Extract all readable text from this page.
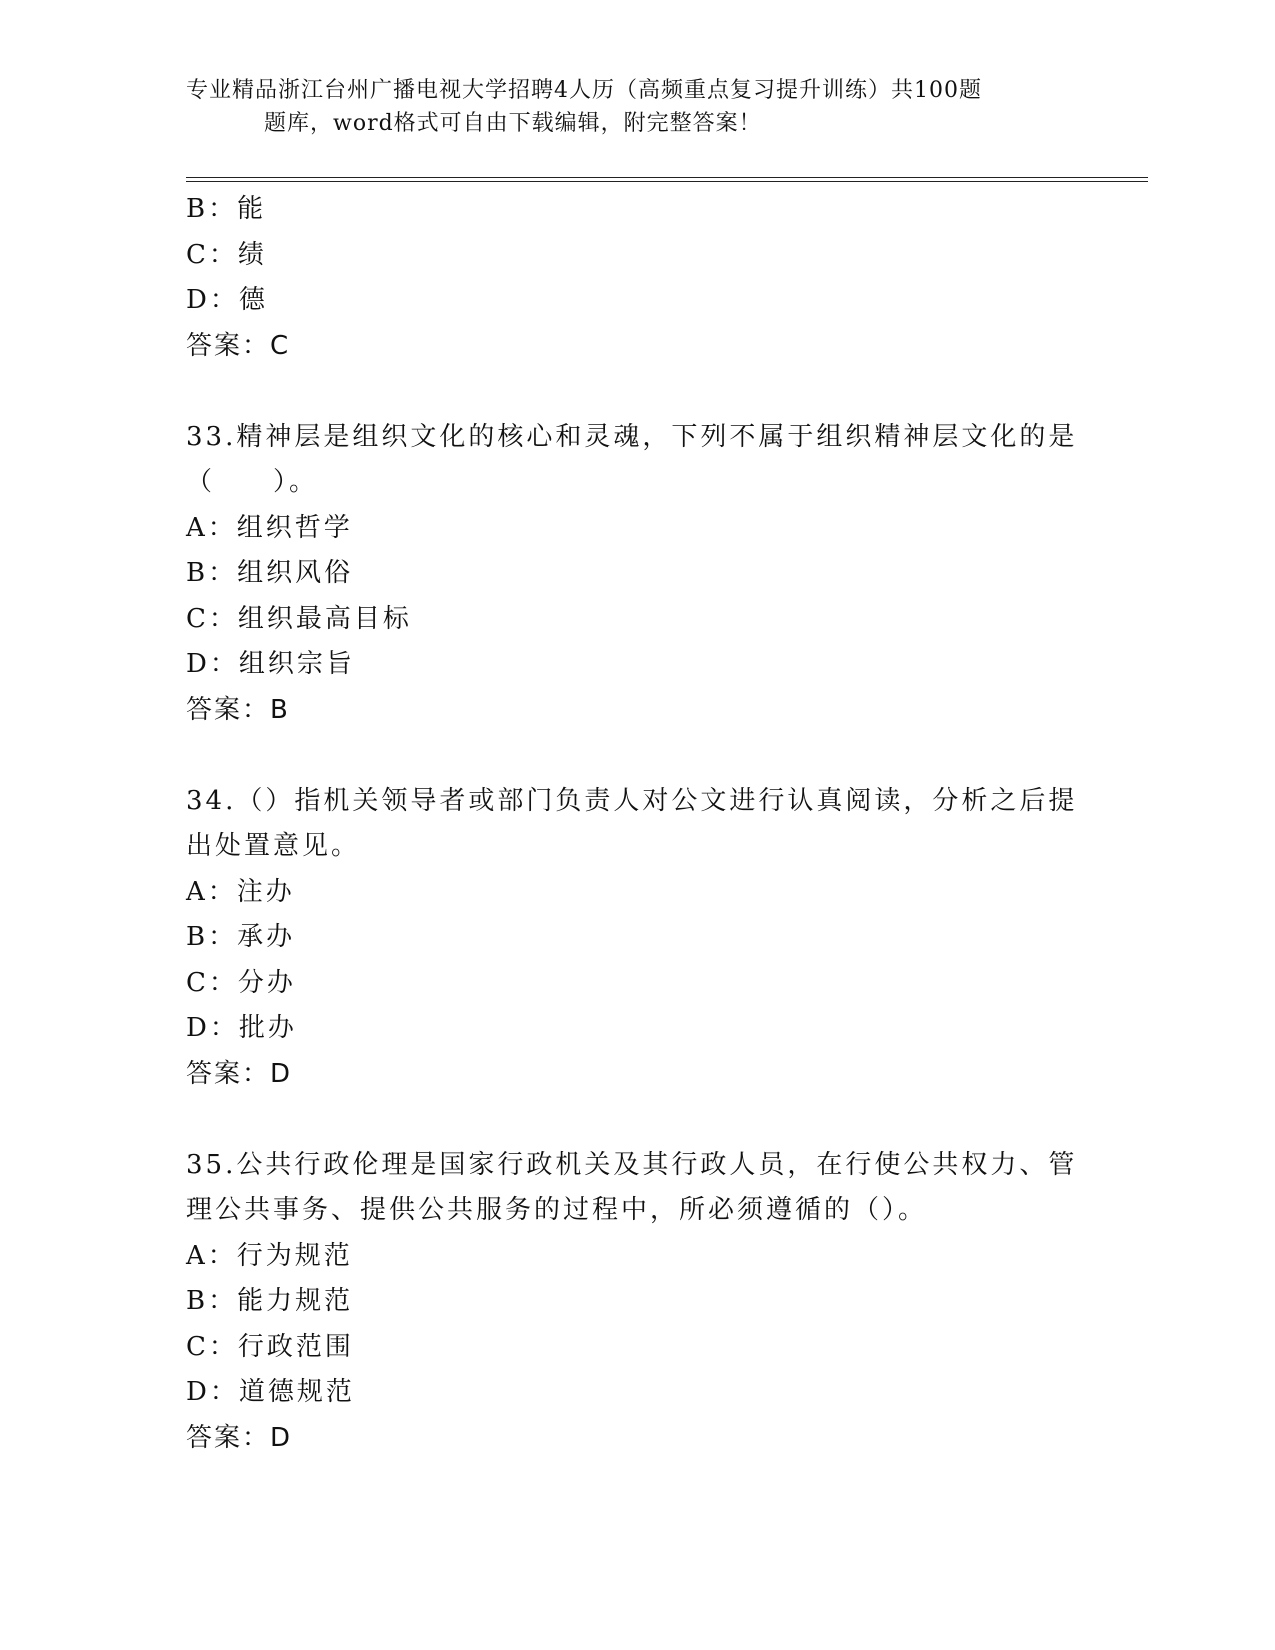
专业精品浙江台州广播电视大学招聘4人历（高频重点复习提升训练）共100题
题库，word格式可自由下载编辑，附完整答案！
B：能
C：绩
D：德
答案：C
33.精神层是组织文化的核心和灵魂，下列不属于组织精神层文化的是
（　　）。
A：组织哲学
B：组织风俗
C：组织最高目标
D：组织宗旨
答案：B
34.（）指机关领导者或部门负责人对公文进行认真阅读，分析之后提
出处置意见。
A：注办
B：承办
C：分办
D：批办
答案：D
35.公共行政伦理是国家行政机关及其行政人员，在行使公共权力、管
理公共事务、提供公共服务的过程中，所必须遵循的（）。
A：行为规范
B：能力规范
C：行政范围
D：道德规范
答案：D
